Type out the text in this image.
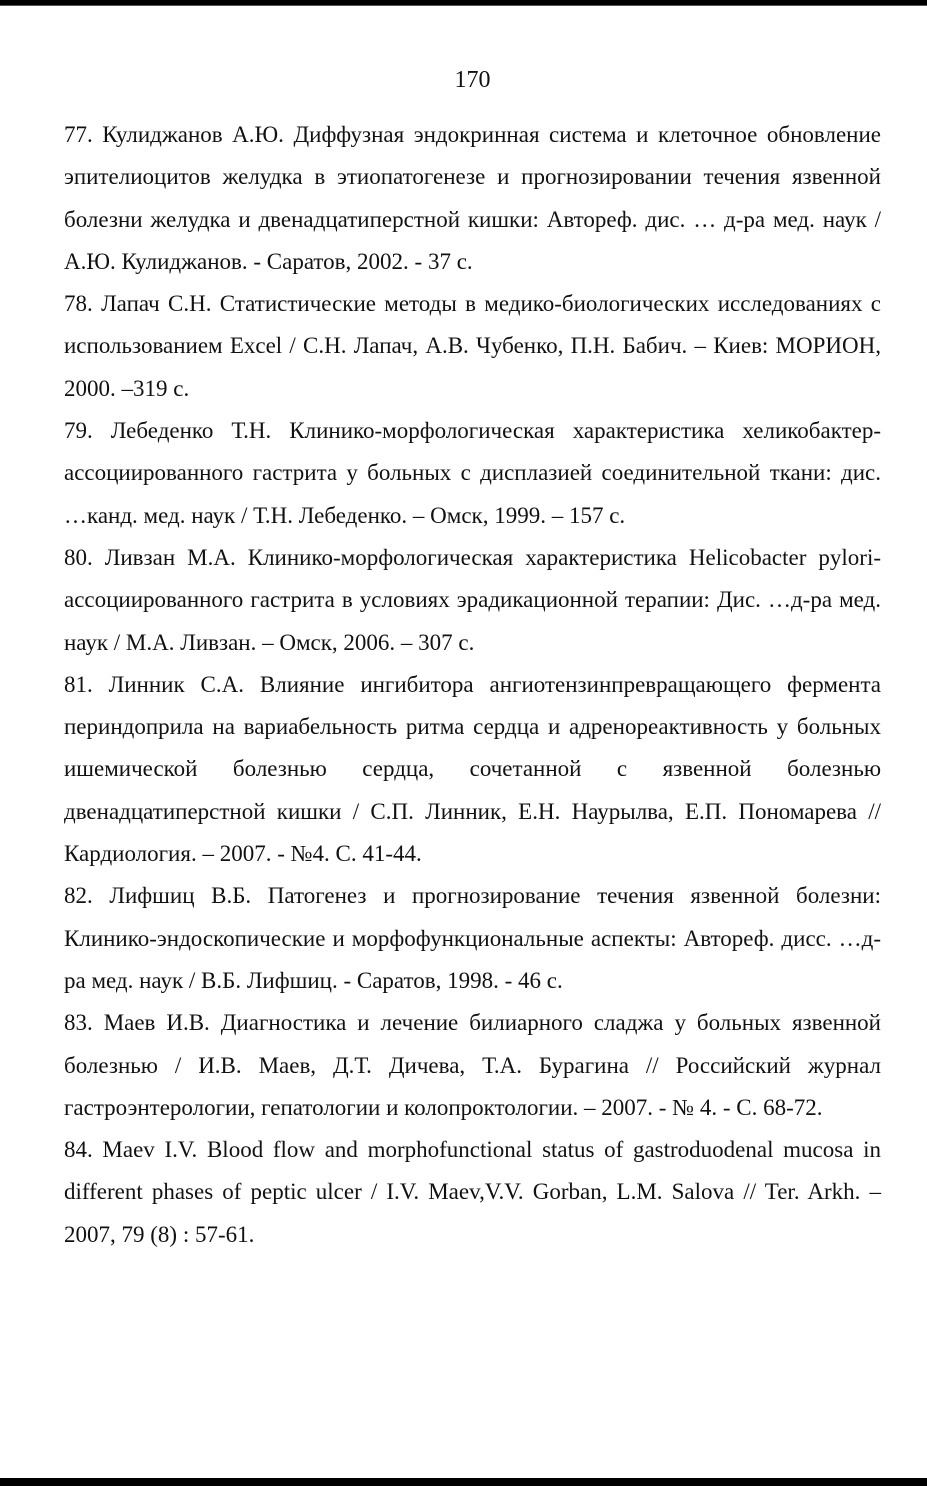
170

77. Кулиджанов А.Ю. Диффузная эндокринная система и клеточное обновление эпителиоцитов желудка в этиопатогенезе и прогнозировании течения язвенной болезни желудка и двенадцатиперстной кишки: Автореф. дис. … д-ра мед. наук / А.Ю. Кулиджанов. - Саратов, 2002. - 37 с.

78. Лапач С.Н. Статистические методы в медико-биологических исследованиях с использованием Excel / С.Н. Лапач, А.В. Чубенко, П.Н. Бабич. – Киев: МОРИОН, 2000. –319 с.

79. Лебеденко Т.Н. Клинико-морфологическая характеристика хеликобактер-ассоциированного гастрита у больных с дисплазией соединительной ткани: дис. …канд. мед. наук / Т.Н. Лебеденко. – Омск, 1999. – 157 с.

80. Ливзан М.А. Клинико-морфологическая характеристика Helicobacter pylori-ассоциированного гастрита в условиях эрадикационной терапии: Дис. …д-ра мед. наук / М.А. Ливзан. – Омск, 2006. – 307 с.

81. Линник С.А. Влияние ингибитора ангиотензинпревращающего фермента периндоприла на вариабельность ритма сердца и адренореактивность у больных ишемической болезнью сердца, сочетанной с язвенной болезнью двенадцатиперстной кишки / С.П. Линник, Е.Н. Наурылва, Е.П. Пономарева // Кардиология. – 2007. - №4. С. 41-44.

82. Лифшиц В.Б. Патогенез и прогнозирование течения язвенной болезни: Клинико-эндоскопические и морфофункциональные аспекты: Автореф. дисс. …д-ра мед. наук / В.Б. Лифшиц. - Саратов, 1998. - 46 с.

83. Маев И.В. Диагностика и лечение билиарного сладжа у больных язвенной болезнью / И.В. Маев, Д.Т. Дичева, Т.А. Бурагина // Российский журнал гастроэнтерологии, гепатологии и колопроктологии. – 2007. - № 4. - С. 68-72.

84. Maev I.V. Blood flow and morphofunctional status of gastroduodenal mucosa in different phases of peptic ulcer / I.V. Maev,V.V. Gorban, L.M. Salova // Ter. Arkh. – 2007, 79 (8) : 57-61.
